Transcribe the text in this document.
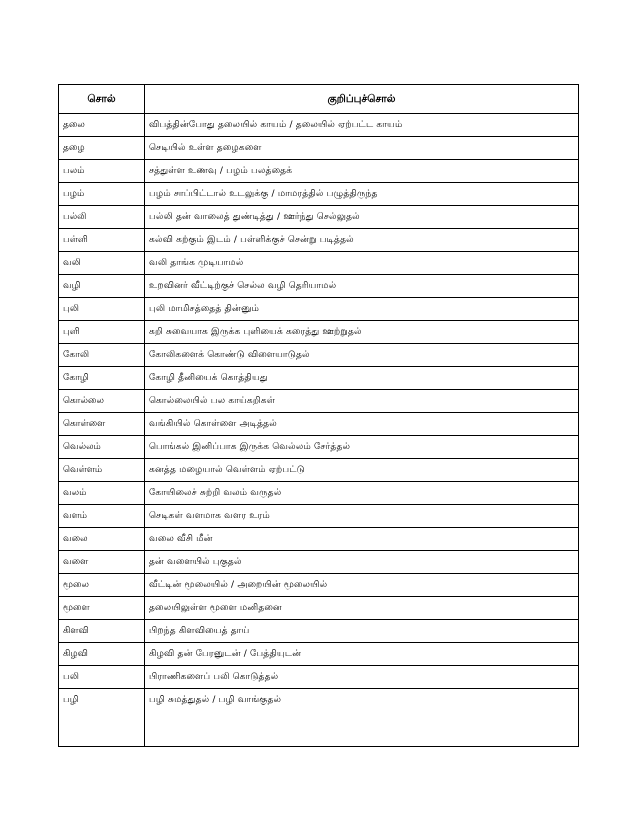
சொல்	குறிப்புச்சொல்
தலை	விபத்தின்போது தலையில் காயம் / தலையில் ஏற்பட்ட காயம்
தழை	செடியில் உள்ள தழைகளை
பலம்	சத்துள்ள உணவு / பழம் பலத்தைக்
பழம்	பழம் சாப்பிட்டால் உடலுக்கு / மாமரத்தில் பழுத்திருந்த
பல்லி	பல்லி தன் வாலைத் துண்டித்து / ஊர்ந்து செல்லுதல்
பள்ளி	கல்வி கற்கும் இடம் / பள்ளிக்குச் சென்று படித்தல்
வலி	வலி தாங்க முடியாமல்
வழி	உறவினர் வீட்டிற்குச் செல்ல வழி தெரியாமல்
புலி	புலி மாமிசத்தைத் தின்னும்
புளி	கறி சுவையாக இருக்க புளியைக் கரைத்து ஊற்றுதல்
கோலி	கோலிகளைக் கொண்டு விளையாடுதல்
கோழி	கோழி தீனியைக் கொத்தியது
கொல்லை	கொல்லையில் பல காய்கறிகள்
கொள்ளை	வங்கியில் கொள்ளை அடித்தல்
வெல்லம்	பொங்கல் இனிப்பாக இருக்க வெல்லம் சேர்த்தல்
வெள்ளம்	கனத்த மழையால் வெள்ளம் ஏற்பட்டு
வலம்	கோயிலைச் சுற்றி வலம் வருதல்
வளம்	செடிகள் வளமாக வளர உரம்
வலை	வலை வீசி மீன்
வளை	தன் வளையில் புகுதல்
மூலை	வீட்டின் மூலையில் / அறையின் மூலையில்
மூளை	தலையிலுள்ள மூளை மனிதனை
கிளவி	பிறந்த கிளவியைத் தாய்
கிழவி	கிழவி தன் பேரனுடன் / பேத்தியுடன்
பலி	பிராணிகளைப் பலி கொடுத்தல்
பழி	பழி சுமத்துதல் / பழி வாங்குதல்
